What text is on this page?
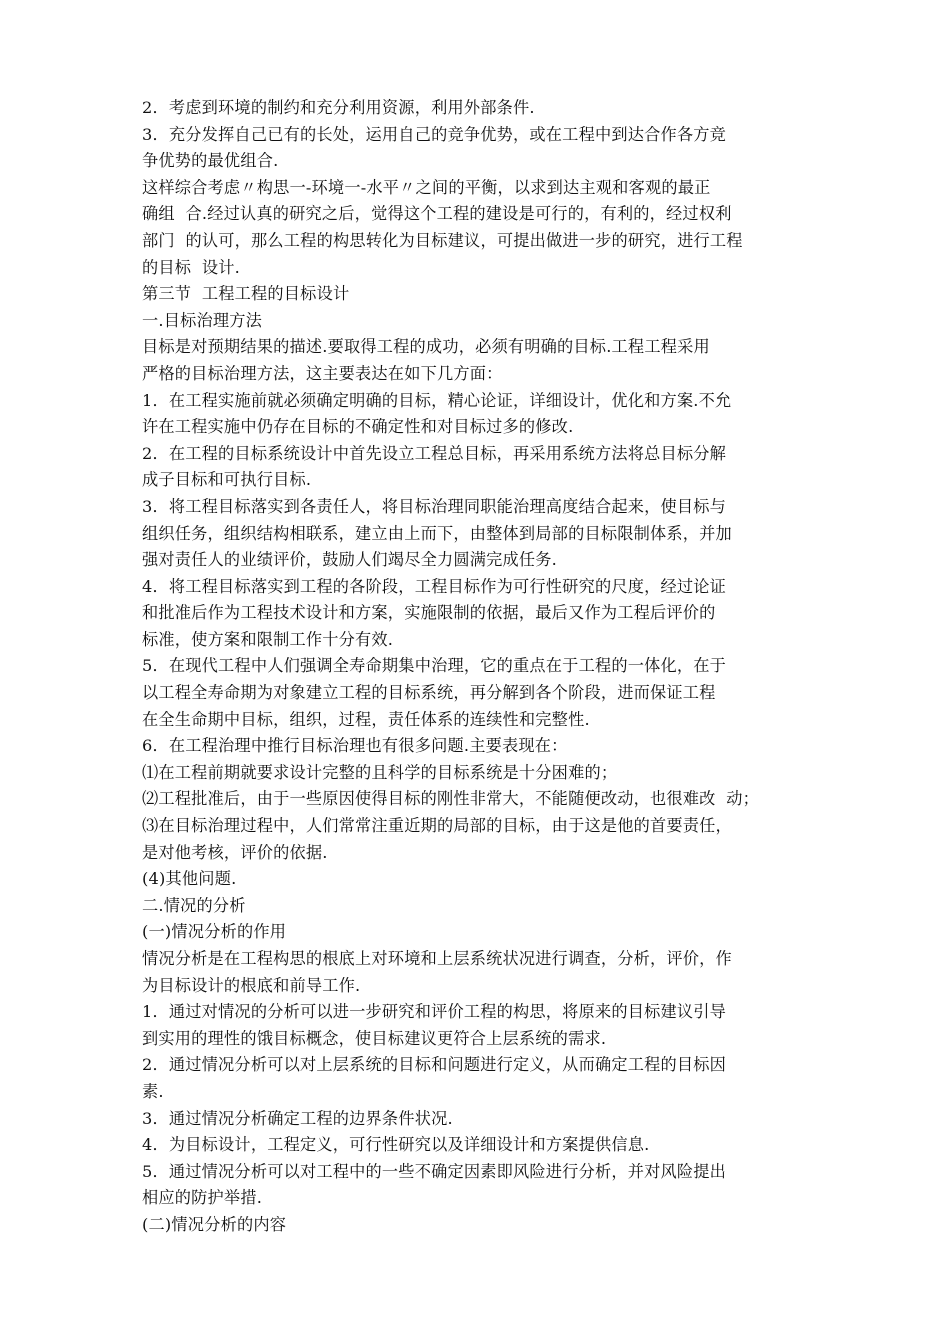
2．考虑到环境的制约和充分利用资源，利用外部条件.
3．充分发挥自己已有的长处，运用自己的竞争优势，或在工程中到达合作各方竞
争优势的最优组合.
这样综合考虑〃构思一-环境一-水平〃之间的平衡，以求到达主观和客观的最正
确组  合.经过认真的研究之后，觉得这个工程的建设是可行的，有利的，经过权利
部门  的认可，那么工程的构思转化为目标建议，可提出做进一步的研究，进行工程
的目标  设计.
第三节  工程工程的目标设计
一.目标治理方法
目标是对预期结果的描述.要取得工程的成功，必须有明确的目标.工程工程采用
严格的目标治理方法，这主要表达在如下几方面：
1．在工程实施前就必须确定明确的目标，精心论证，详细设计，优化和方案.不允
许在工程实施中仍存在目标的不确定性和对目标过多的修改.
2．在工程的目标系统设计中首先设立工程总目标，再采用系统方法将总目标分解
成子目标和可执行目标.
3．将工程目标落实到各责任人，将目标治理同职能治理高度结合起来，使目标与
组织任务，组织结构相联系，建立由上而下，由整体到局部的目标限制体系，并加
强对责任人的业绩评价，鼓励人们竭尽全力圆满完成任务.
4．将工程目标落实到工程的各阶段，工程目标作为可行性研究的尺度，经过论证
和批准后作为工程技术设计和方案，实施限制的依据，最后又作为工程后评价的
标准，使方案和限制工作十分有效.
5．在现代工程中人们强调全寿命期集中治理，它的重点在于工程的一体化，在于
以工程全寿命期为对象建立工程的目标系统，再分解到各个阶段，进而保证工程
在全生命期中目标，组织，过程，责任体系的连续性和完整性.
6．在工程治理中推行目标治理也有很多问题.主要表现在：
⑴在工程前期就要求设计完整的且科学的目标系统是十分困难的；
⑵工程批准后，由于一些原因使得目标的刚性非常大，不能随便改动，也很难改  动；
⑶在目标治理过程中，人们常常注重近期的局部的目标，由于这是他的首要责任，
是对他考核，评价的依据.
(4)其他问题.
二.情况的分析
(一)情况分析的作用
情况分析是在工程构思的根底上对环境和上层系统状况进行调查，分析，评价，作
为目标设计的根底和前导工作.
1．通过对情况的分析可以进一步研究和评价工程的构思，将原来的目标建议引导
到实用的理性的饿目标概念，使目标建议更符合上层系统的需求.
2．通过情况分析可以对上层系统的目标和问题进行定义，从而确定工程的目标因
素.
3．通过情况分析确定工程的边界条件状况.
4．为目标设计，工程定义，可行性研究以及详细设计和方案提供信息.
5．通过情况分析可以对工程中的一些不确定因素即风险进行分析，并对风险提出
相应的防护举措.
(二)情况分析的内容
